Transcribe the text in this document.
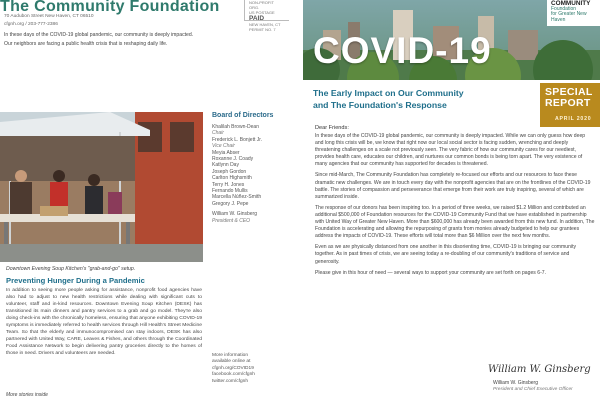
The Community Foundation
70 Audubon Street New Haven, CT 06510
cfgnh.org / 203-777-2386
NON-PROFIT
ORG.
US POSTAGE
PAID
NEW HAVEN, CT
PERMIT NO. 7

In these days of the COVID-19 global pandemic, our community is deeply impacted.

Our neighbors are facing a public health crisis that is reshaping daily life.

Board of Directors
Khalilah Brown-Dean
Chair
Frederick L. Bonjett Jr.
Vice Chair
Meyia Abser
Roxanne J. Coady
Katlynn Day
Joseph Gordon
Carlton Highsmith
Terry H. Jones
Fernando Mullis
Marcella Núñez-Smith
Gregory J. Pepe
William W. Ginsberg
President & CEO
More information
available online at
cfgnh.org/COVID19
facebook.com/cfgnh
twitter.com/cfgnh
Downtown Evening Soup Kitchen's "grab-and-go" setup.
Preventing Hunger During a Pandemic

In addition to seeing more people asking for assistance, nonprofit food agencies have also had to adjust to new health restrictions while dealing with significant cuts to volunteer, staff and in-kind resources. Downtown Evening Soup Kitchen (DESK) has transitioned its main dinners and pantry services to a grab and go model. They're also doing check-ins with the chronically homeless, ensuring that anyone exhibiting COVID-19 symptoms is immediately referred to health services through Hill Health's Street Medicine Team. So that the elderly and immunocompromised can stay indoors, DESK has also partnered with United Way, CARE, Leaves & Fishes, and others through the Coordinated Food Assistance Network to begin delivering pantry groceries directly to the homes of those in need. Drivers and volunteers are needed.

More stories inside
COMMUNITY
Foundation
for Greater New Haven
COVID-19
The Early Impact on Our Community
and The Foundation's Response
SPECIAL
REPORT
APRIL 2020
Dear Friends:

In these days of the COVID-19 global pandemic, our community is deeply impacted. While we can only guess how deep and long this crisis will be, we know that right now our local social sector is facing sudden, wrenching and deeply threatening challenges on a scale not previously seen. The very fabric of how our community cares for our neediest, provides health care, educates our children, and nurtures our common bonds is being torn apart. The very existence of many agencies that our community has supported for decades is threatened.

Since mid-March, The Community Foundation has completely re-focused our efforts and our resources to face these dramatic new challenges. We are in touch every day with the nonprofit agencies that are on the frontlines of the COVID-19 battle. The stories of compassion and perseverance that emerge from their work are truly inspiring, several of which are summarized inside.

The response of our donors has been inspiring too. In a period of three weeks, we raised $1.2 Million and contributed an additional $500,000 of Foundation resources for the COVID-19 Community Fund that we have established in partnership with United Way of Greater New Haven. More than $600,000 has already been awarded from this new fund. In addition, The Foundation is accelerating and allowing the repurposing of grants from monies already budgeted to help our grantees address the impacts of COVID-19. These efforts will total more than $6 Million over the next few months.

Even as we are physically distanced from one another in this disorienting time, COVID-19 is bringing our community together. As in past times of crisis, we are seeing today a re-doubling of our community's traditions of service and generosity.

Please give in this hour of need — several ways to support your community are set forth on pages 6-7.

William W. Ginsberg
William W. Ginsberg
President and Chief Executive Officer
